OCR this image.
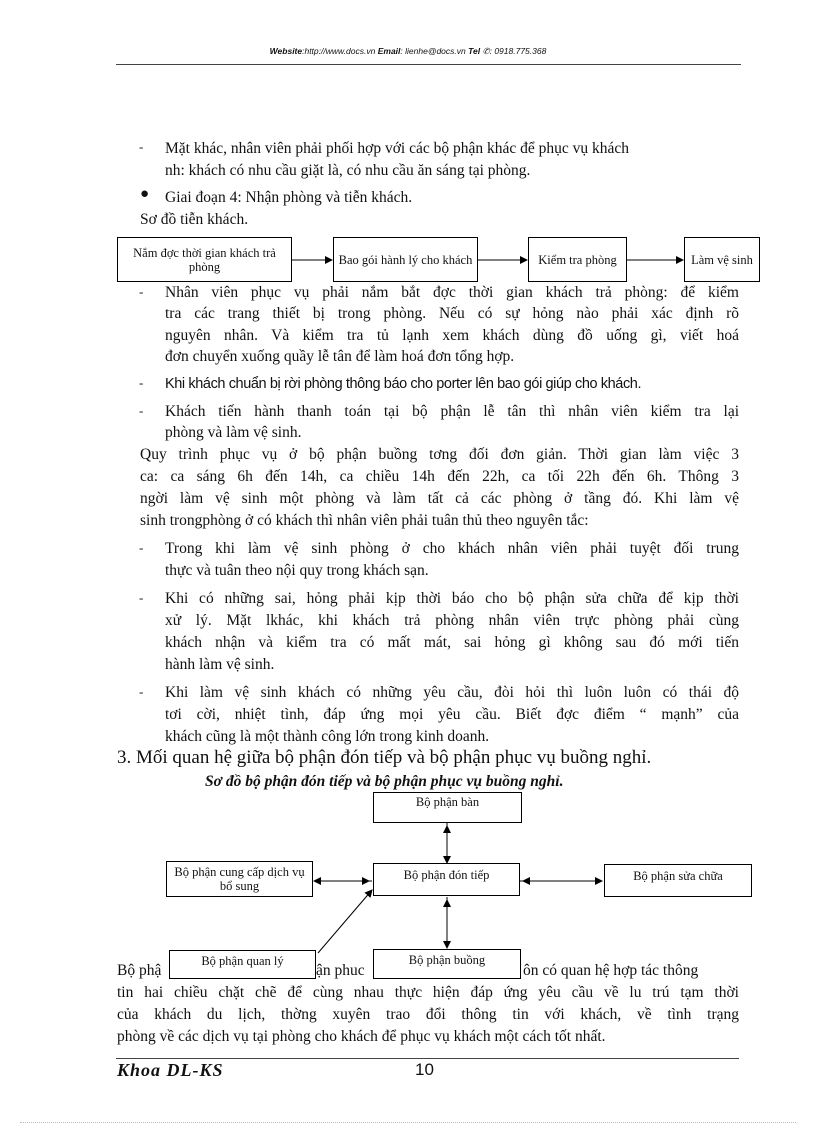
Website:http://www.docs.vn Email: lienhe@docs.vn Tel ✆: 0918.775.368
- Mặt khác, nhân viên phải phối hợp với các bộ phận khác để phục vụ khách
nh: khách có nhu cầu giặt là, có nhu cầu ăn sáng tại phòng.
● Giai đoạn 4: Nhận phòng và tiễn khách.
Sơ đồ tiễn khách.
Nắm đợc thời gian khách trả phòng	Bao gói hành lý cho khách	Kiểm tra phòng	Làm vệ sinh
- Nhân viên phục vụ phải nắm bắt đợc thời gian khách trả phòng: để kiểm
tra các trang thiết bị trong phòng. Nếu có sự hỏng nào phải xác định rõ
nguyên nhân. Và kiểm tra tủ lạnh xem khách dùng đồ uống gì, viết hoá
đơn chuyển xuống quầy lễ tân để làm hoá đơn tổng hợp.
- Khi khách chuẩn bị rời phòng thông báo cho porter lên bao gói giúp cho khách.
- Khách tiến hành thanh toán tại bộ phận lễ tân thì nhân viên kiểm tra lại
phòng và làm vệ sinh.
Quy trình phục vụ ở bộ phận buồng tơng đối đơn giản. Thời gian làm việc 3
ca: ca sáng 6h đến 14h, ca chiều 14h đến 22h, ca tối 22h đến 6h. Thông 3
ngời làm vệ sinh một phòng và làm tất cả các phòng ở tầng đó. Khi làm vệ
sinh trongphòng ở có khách thì nhân viên phải tuân thủ theo nguyên tắc:
- Trong khi làm vệ sinh phòng ở cho khách nhân viên phải tuyệt đối trung
thực và tuân theo nội quy trong khách sạn.
- Khi có những sai, hỏng phải kịp thời báo cho bộ phận sửa chữa để kịp thời
xử lý. Mặt lkhác, khi khách trả phòng nhân viên trực phòng phải cùng
khách nhận và kiểm tra có mất mát, sai hỏng gì không sau đó mới tiến
hành làm vệ sinh.
- Khi làm vệ sinh khách có những yêu cầu, đòi hỏi thì luôn luôn có thái độ
tơi cời, nhiệt tình, đáp ứng mọi yêu cầu. Biết đợc điểm “ mạnh” của
khách cũng là một thành công lớn trong kinh doanh.
3. Mối quan hệ giữa bộ phận đón tiếp và bộ phận phục vụ buồng nghỉ.
Sơ đồ bộ phận đón tiếp và bộ phận phục vụ buồng nghỉ.
Bộ phận bàn
Bộ phận cung cấp dịch vụ bổ sung
Bộ phận đón tiếp	Bộ phận sửa chữa
Bộ phậ	ận phuc	ôn có quan hệ hợp tác thông
tin hai chiều chặt chẽ để cùng nhau thực hiện đáp ứng yêu cầu về lu trú tạm thời
của khách du lịch, thờng xuyên trao đổi thông tin với khách, về tình trạng
phòng về các dịch vụ tại phòng cho khách để phục vụ khách một cách tốt nhất.
Bộ phận quan lý	Bộ phận buồng
Khoa DL-KS	10
